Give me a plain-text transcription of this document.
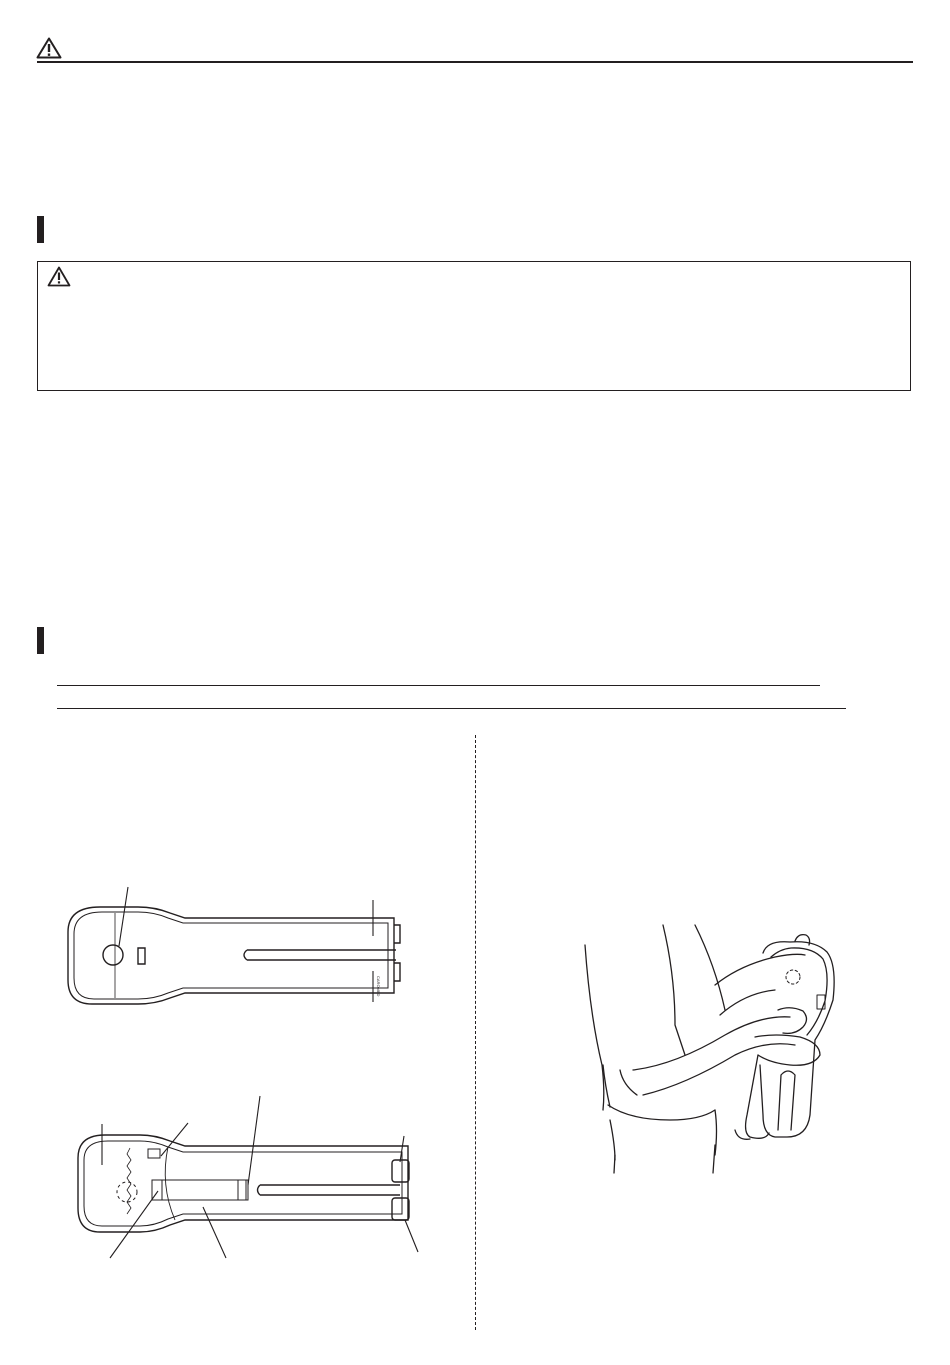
CAROMED
